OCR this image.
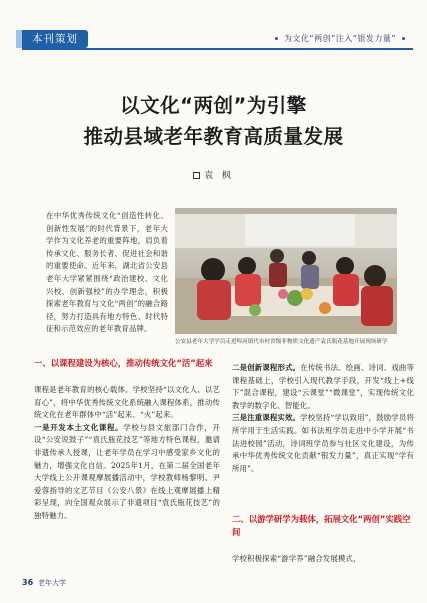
本刊策划	为文化“两创”注入“银发力量”
以文化“两创”为引擎
推动县域老年教育高质量发展
袁 枫
在中华优秀传统文化“创造性转化、创新性发展”的时代背景下，老年大学作为文化养老的重要阵地，肩负着传承文化、服务长者、促进社会和谐的重要使命。近年来，湖北省公安县老年大学紧紧围绕“政治建校、文化兴校、创新强校”的办学理念，积极探索老年教育与文化“两创”的融合路径，努力打造具有地方特色、时代特征和示范效应的老年教育品牌。
公安县老年大学学员走进埠河镇代市村省级非物质文化遗产袁氏瓶花基地开展现场研学
一、以课程建设为核心，推动传统文化“活”起来
课程是老年教育的核心载体。学校坚持“以文化人、以艺育心”，将中华优秀传统文化系统融入课程体系，推动传统文化在老年群体中“活”起来、“火”起来。
一是开发本土文化课程。学校与县文旅部门合作，开设“公安说鼓子”“袁氏瓶花技艺”等地方特色课程，邀请非遗传承人授课，让老年学员在学习中感受家乡文化的魅力，增强文化自信。2025年1月，在第二届全国老年大学线上公开课观摩展播活动中，学校教师杨黎明、尹爱蓉指导的文艺节目《公安八景》在线上观摩展播上精彩呈现，向全国观众展示了非遗项目“袁氏瓶花技艺”的独特魅力。
二是创新课程形式。在传统书法、绘画、诗词、戏曲等课程基础上，学校引入现代教学手段，开发“线上+线下”混合课程，建设“云课堂”“微课堂”，实现传统文化教学的数字化、智能化。
三是注重课程实效。学校坚持“学以致用”，鼓励学员将所学用于生活实践。如书法班学员走进中小学开展“书法进校园”活动，诗词班学员参与社区文化建设，为传承中华优秀传统文化贡献“银发力量”，真正实现“学有所用”。
二、以游学研学为载体，拓展文化“两创”实践空间
学校积极探索“游学养”融合发展模式，
36 老年大学
